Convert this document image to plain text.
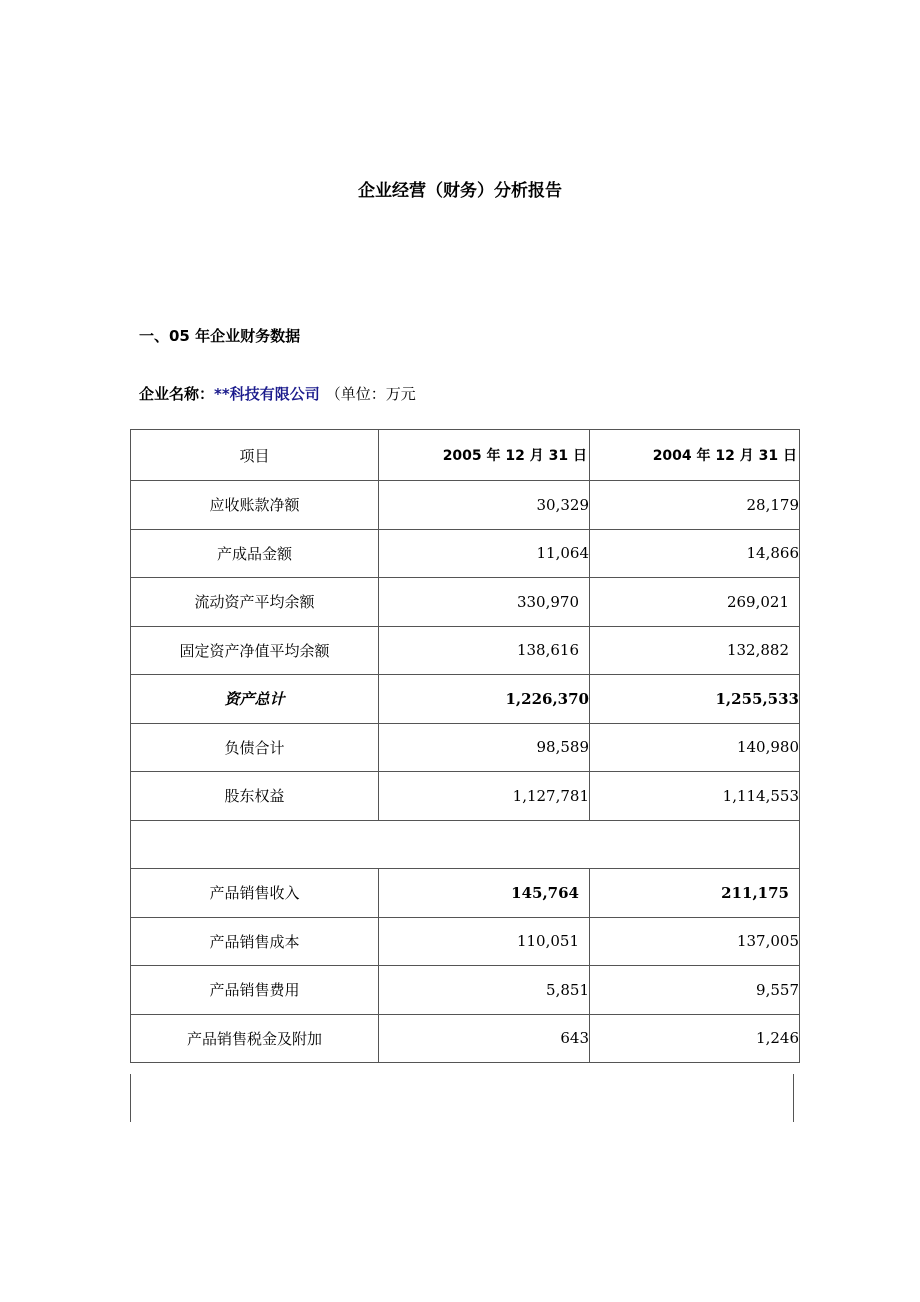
企业经营（财务）分析报告
一、05 年企业财务数据
企业名称：**科技有限公司 （单位：万元
项目	2005 年 12 月 31 日	2004 年 12 月 31 日
应收账款净额	30,329	28,179
产成品金额	11,064	14,866
流动资产平均余额	330,970	269,021
固定资产净值平均余额	138,616	132,882
资产总计	1,226,370	1,255,533
负债合计	98,589	140,980
股东权益	1,127,781	1,114,553

产品销售收入	145,764	211,175
产品销售成本	110,051	137,005
产品销售费用	5,851	9,557
产品销售税金及附加	643	1,246
